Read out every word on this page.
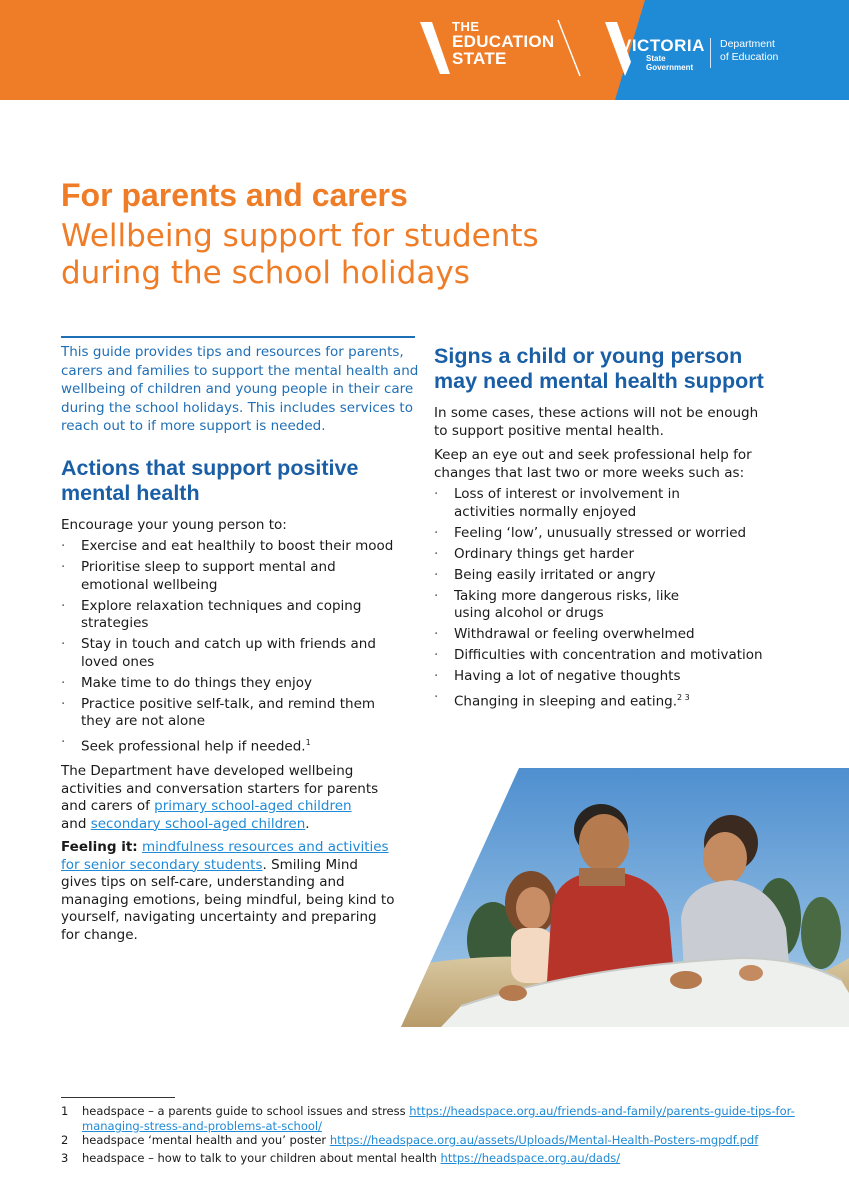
THE
EDUCATION
STATE
VICTORIA
State
Government
Department
of Education
For parents and carers
Wellbeing support for students
during the school holidays

This guide provides tips and resources for parents, carers and families to support the mental health and wellbeing of children and young people in their care during the school holidays. This includes services to reach out to if more support is needed.

Actions that support positive
mental health

Encourage your young person to:

· Exercise and eat healthily to boost their mood
· Prioritise sleep to support mental and emotional wellbeing
· Explore relaxation techniques and coping strategies
· Stay in touch and catch up with friends and loved ones
· Make time to do things they enjoy
· Practice positive self-talk, and remind them they are not alone
· Seek professional help if needed.$^1$

The Department have developed wellbeing activities and conversation starters for parents and carers of primary school-aged children
and secondary school-aged children.

Feeling it: mindfulness resources and activities for senior secondary students. Smiling Mind gives tips on self-care, understanding and managing emotions, being mindful, being kind to yourself, navigating uncertainty and preparing for change.

Signs a child or young person
may need mental health support

In some cases, these actions will not be enough to support positive mental health.

Keep an eye out and seek professional help for changes that last two or more weeks such as:

· Loss of interest or involvement in activities normally enjoyed
· Feeling ‘low’, unusually stressed or worried
· Ordinary things get harder
· Being easily irritated or angry
· Taking more dangerous risks, like using alcohol or drugs
· Withdrawal or feeling overwhelmed
· Difficulties with concentration and motivation
· Having a lot of negative thoughts
· Changing in sleeping and eating.$^{2 3}$

1	headspace – a parents guide to school issues and stress https://headspace.org.au/friends-and-family/parents-guide-tips-for-managing-stress-and-problems-at-school/

2	headspace ‘mental health and you’ poster https://headspace.org.au/assets/Uploads/Mental-Health-Posters-mgpdf.pdf

3	headspace – how to talk to your children about mental health https://headspace.org.au/dads/
